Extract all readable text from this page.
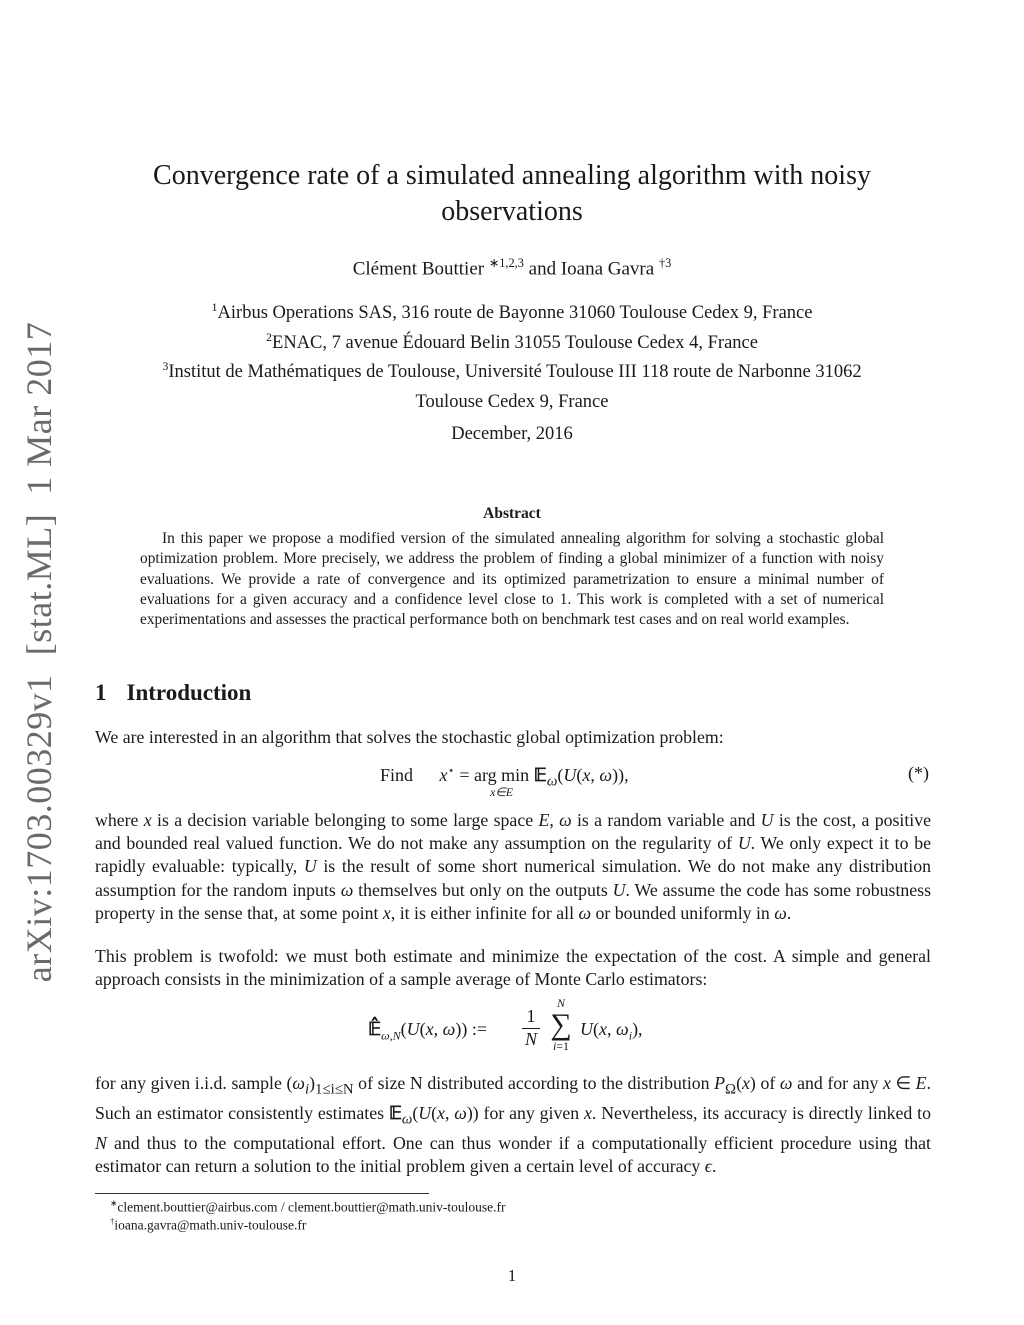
arXiv:1703.00329v1  [stat.ML]  1 Mar 2017
Convergence rate of a simulated annealing algorithm with noisy
observations
Clément Bouttier $^{∗1,2,3}$ and Ioana Gavra $^{\dagger 3}$
$^1$Airbus Operations SAS, 316 route de Bayonne 31060 Toulouse Cedex 9, France
$^2$ENAC, 7 avenue Édouard Belin 31055 Toulouse Cedex 4, France
$^3$Institut de Mathématiques de Toulouse, Université Toulouse III 118 route de Narbonne 31062
Toulouse Cedex 9, France
December, 2016
Abstract
In this paper we propose a modified version of the simulated annealing algorithm for solving a stochastic global optimization problem. More precisely, we address the problem of finding a global minimizer of a function with noisy evaluations. We provide a rate of convergence and its optimized parametrization to ensure a minimal number of evaluations for a given accuracy and a confidence level close to 1. This work is completed with a set of numerical experimentations and assesses the practical performance both on benchmark test cases and on real world examples.
1 Introduction
We are interested in an algorithm that solves the stochastic global optimization problem:
Find x⋆ = arg min
x∈E
𝔼$_\omega$(U(x, ω)),	(*)
where x is a decision variable belonging to some large space E, ω is a random variable and U is the cost, a positive and bounded real valued function. We do not make any assumption on the regularity of U. We only expect it to be rapidly evaluable: typically, U is the result of some short numerical simulation. We do not make any distribution assumption for the random inputs ω themselves but only on the outputs U. We assume the code has some robustness property in the sense that, at some point x, it is either infinite for all ω or bounded uniformly in ω.
This problem is twofold: we must both estimate and minimize the expectation of the cost. A simple and general approach consists in the minimization of a sample average of Monte Carlo estimators:
$𝔼̂_{\omega,N}(U(x$, ω)) :=
1
N
N
∑
i=1
U(x, $\omega_i$),
for any given i.i.d. sample $(\omega_i)_{1\le i\le N}$ of size N distributed according to the distribution $P_\Omega(x)$ of ω and for any x ∈ E. Such an estimator consistently estimates 𝔼$_\omega$(U(x, ω)) for any given x. Nevertheless, its accuracy is directly linked to N and thus to the computational effort. One can thus wonder if a computationally efficient procedure using that estimator can return a solution to the initial problem given a certain level of accuracy ϵ.
∗clement.bouttier@airbus.com / clement.bouttier@math.univ-toulouse.fr
†ioana.gavra@math.univ-toulouse.fr
1
